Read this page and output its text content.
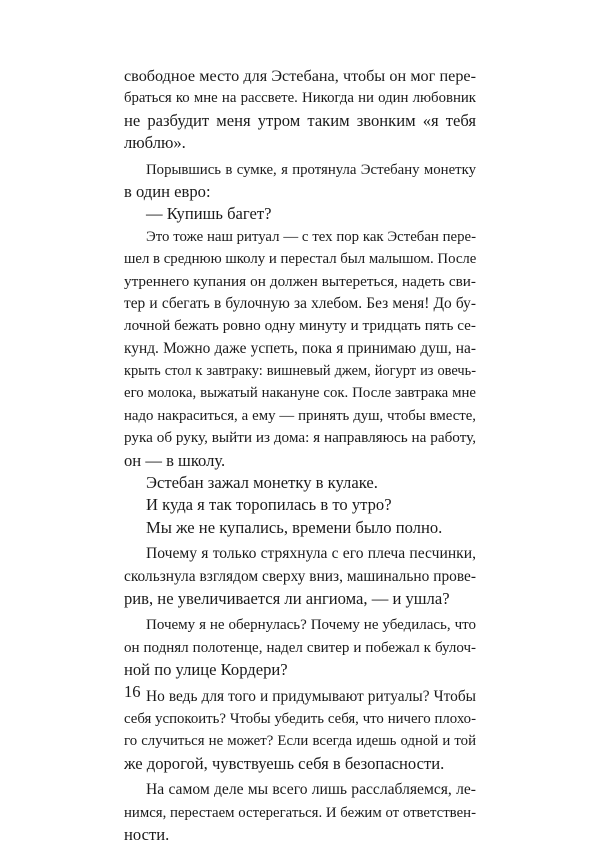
свободное место для Эстебана, чтобы он мог пере-
браться ко мне на рассвете. Никогда ни один любовник
не разбудит меня утром таким звонким «я тебя
люблю».
Порывшись в сумке, я протянула Эстебану монетку
в один евро:
— Купишь багет?
Это тоже наш ритуал — с тех пор как Эстебан пере-
шел в среднюю школу и перестал был малышом. После
утреннего купания он должен вытереться, надеть сви-
тер и сбегать в булочную за хлебом. Без меня! До бу-
лочной бежать ровно одну минуту и тридцать пять се-
кунд. Можно даже успеть, пока я принимаю душ, на-
крыть стол к завтраку: вишневый джем, йогурт из овечь-
его молока, выжатый накануне сок. После завтрака мне
надо накраситься, а ему — принять душ, чтобы вместе,
рука об руку, выйти из дома: я направляюсь на работу,
он — в школу.
Эстебан зажал монетку в кулаке.
И куда я так торопилась в то утро?
Мы же не купались, времени было полно.
Почему я только стряхнула с его плеча песчинки,
скользнула взглядом сверху вниз, машинально прове-
рив, не увеличивается ли ангиома, — и ушла?
Почему я не обернулась? Почему не убедилась, что
он поднял полотенце, надел свитер и побежал к булоч-
ной по улице Кордери?
Но ведь для того и придумывают ритуалы? Чтобы
себя успокоить? Чтобы убедить себя, что ничего плохо-
го случиться не может? Если всегда идешь одной и той
же дорогой, чувствуешь себя в безопасности.
На самом деле мы всего лишь расслабляемся, ле-
нимся, перестаем остерегаться. И бежим от ответствен-
ности.
16
